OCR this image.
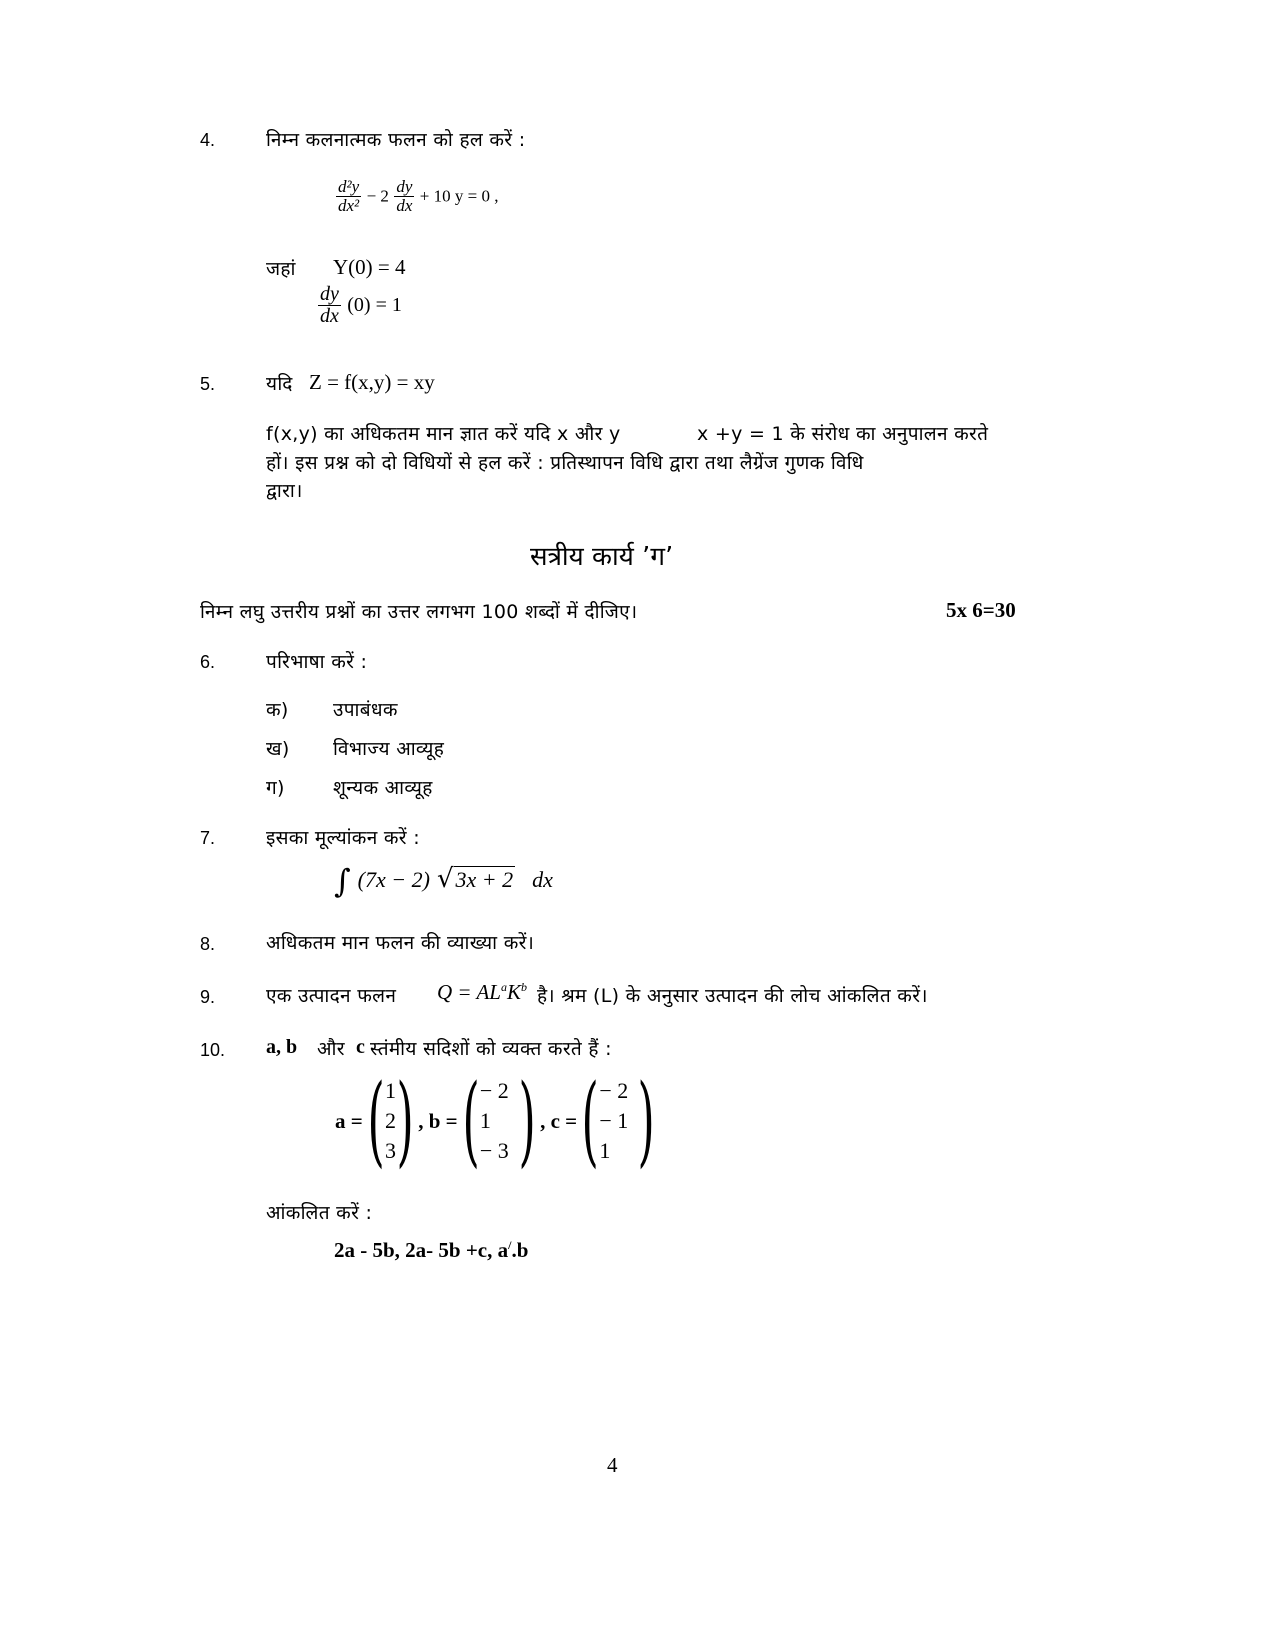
4.	निम्न कलनात्मक फलन को हल करें :
$\frac{\text{d²y}}{\text{dx²}} - 2 \frac{dy}{dx} + 10$ y = 0 ,
जहां Y(0) = 4
$\frac{dy}{dx} (0) = 1$
5.	यदि Z = f(x,y) = xy
f(x,y) का अधिकतम मान ज्ञात करें यदि x और y	x +y = 1 के संरोध का अनुपालन करते
हों। इस प्रश्न को दो विधियों से हल करें : प्रतिस्थापन विधि द्वारा तथा लैग्रेंज गुणक विधि
द्वारा।
सत्रीय कार्य ’ग’
निम्न लघु उत्तरीय प्रश्नों का उत्तर लगभग 100 शब्दों में दीजिए।	5x 6=30
6.	परिभाषा करें :
क) उपाबंधक
ख) विभाज्य आव्यूह
ग)	शून्यक आव्यूह
7.	इसका मूल्यांकन करें :
∫ (7x − 2) √3x + 2 dx
8.	अधिकतम मान फलन की व्याख्या करें।
9.	एक उत्पादन फलन $Q = AL^aK^b$ है। श्रम (L) के अनुसार उत्पादन की लोच आंकलित करें।
10. a, b और c स्तंमीय सदिशों को व्यक्त करते हैं :
a = ( 1
2
3 ) , b = ( − 2
1
− 3 ) , c = ( − 2
− 1
1 )
आंकलित करें :
2a - 5b, 2a- 5b +c, a/.b
4
